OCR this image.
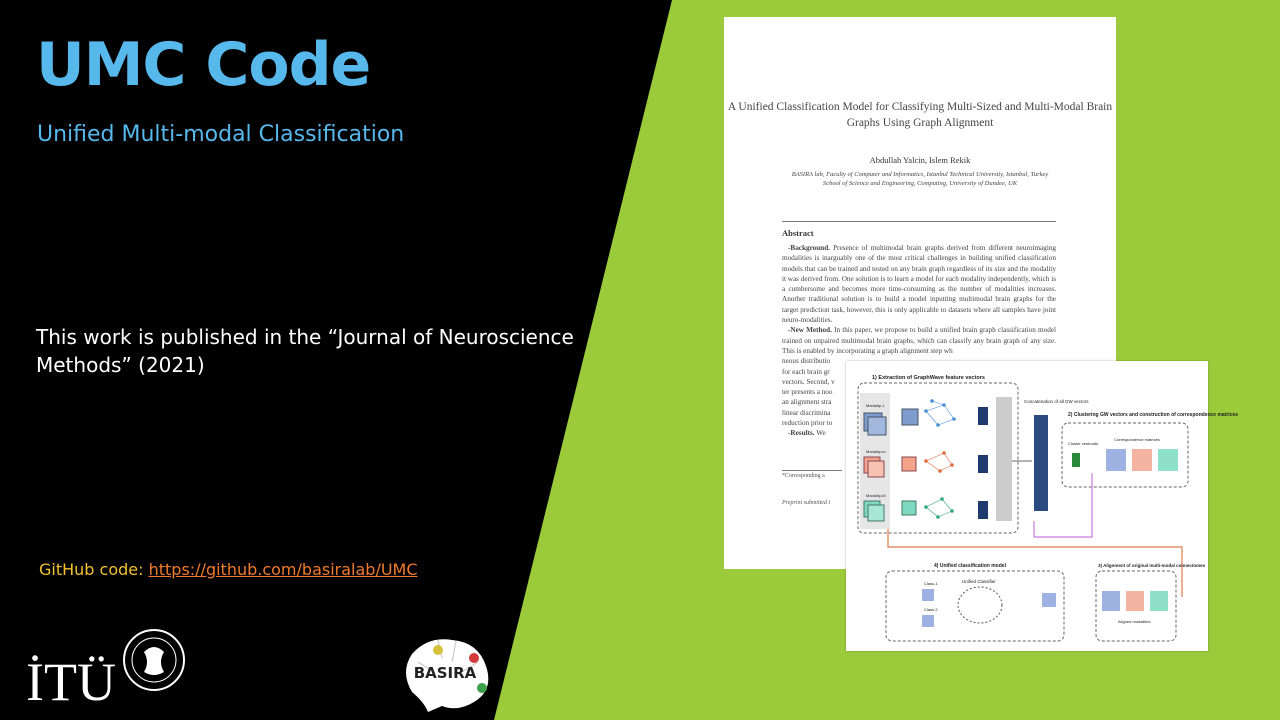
UMC Code
Unified Multi-modal Classification
This work is published in the “Journal of Neuroscience Methods” (2021)
GitHub code: https://github.com/basiralab/UMC
İTÜ	BASIRA
A Unified Classification Model for Classifying Multi-Sized and Multi-Modal Brain Graphs Using Graph Alignment
Abdullah Yalcin, Islem Rekik
BASIRA lab, Faculty of Computer and Informatics, Istanbul Technical University, Istanbul, Turkey
School of Science and Engineering, Computing, University of Dundee, UK
Abstract

-Background. Presence of multimodal brain graphs derived from different neuroimaging modalities is inarguably one of the most critical challenges in building unified classification models that can be trained and tested on any brain graph regardless of its size and the modality it was derived from. One solution is to learn a model for each modality independently, which is a cumbersome and becomes more time-consuming as the number of modalities increases. Another traditional solution is to build a model inputting multimodal brain graphs for the target prediction task, however, this is only applicable to datasets where all samples have joint neuro-modalities.

-New Method. In this paper, we propose to build a unified brain graph classification model trained on unpaired multimodal brain graphs, which can classify any brain graph of any size. This is enabled by incorporating a graph alignment step wh

neous distributio
for each brain gr
vectors. Second, v
ter presents a noo
an alignment stra
linear discrimina
reduction prior to

-Results. We

*Corresponding a
Preprint submitted t
1) Extraction of GraphWave feature vectors
Modality-1
Modality-m
Modality-M
Concatenation of all GW vectors
2) Clustering GW vectors and construction of correspondence matrices
Cluster centroids
Correspondence matrices
4) Unified classification model
Class-1
Class-2
Unified Classifier
3) Alignment of original multi-modal connectomes
Aligned modalities
